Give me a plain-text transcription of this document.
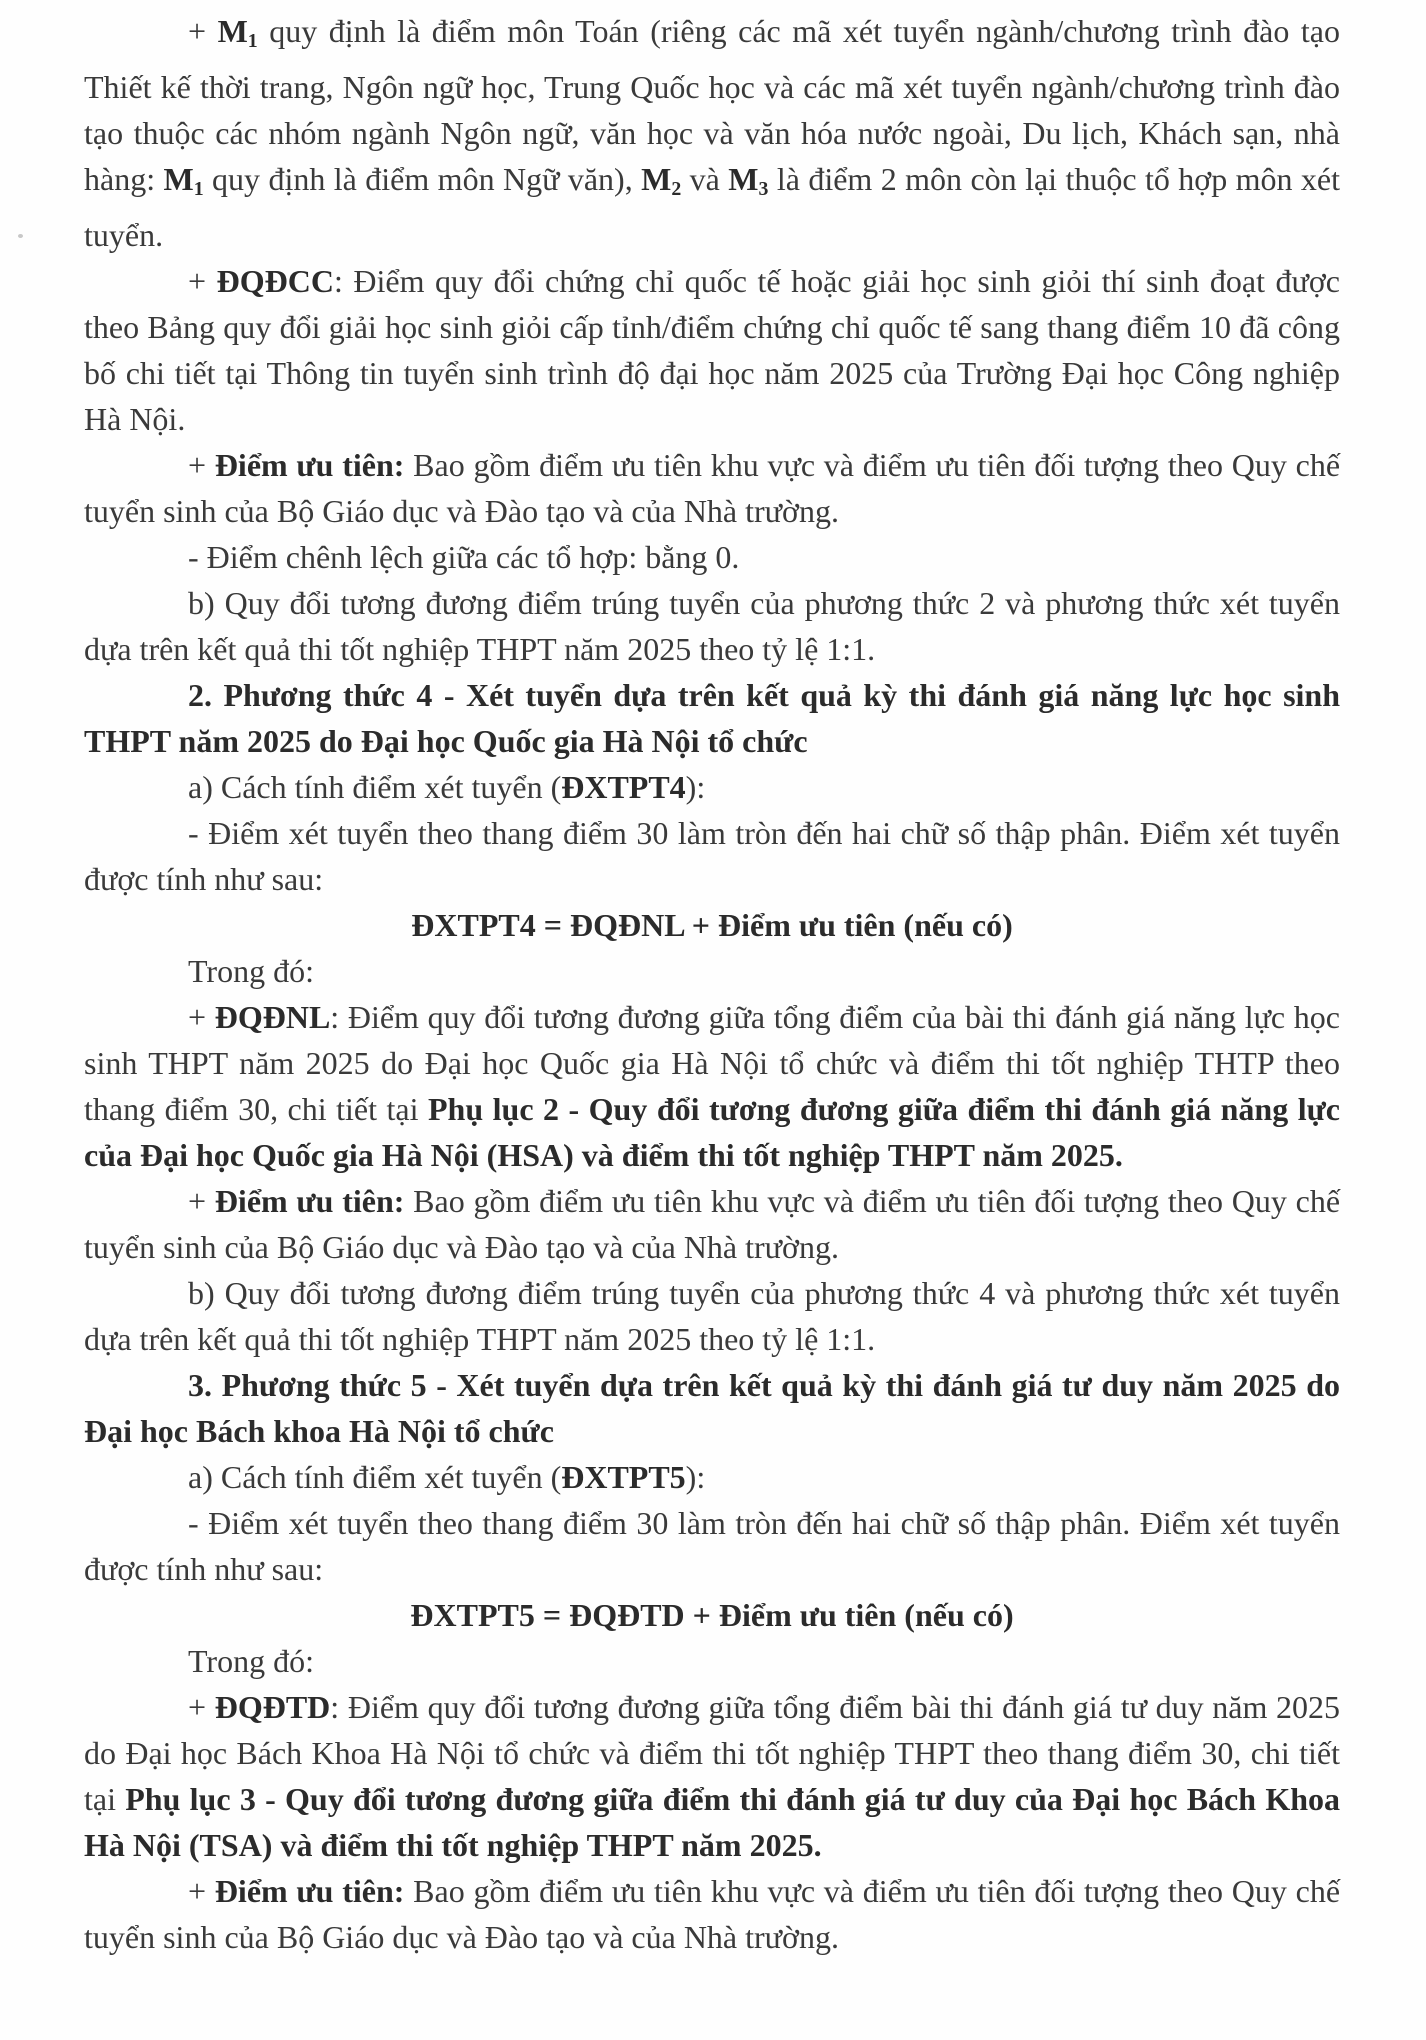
+ $M_1$ quy định là điểm môn Toán (riêng các mã xét tuyển ngành/chương trình đào tạo Thiết kế thời trang, Ngôn ngữ học, Trung Quốc học và các mã xét tuyển ngành/chương trình đào tạo thuộc các nhóm ngành Ngôn ngữ, văn học và văn hóa nước ngoài, Du lịch, Khách sạn, nhà hàng: $M_1$ quy định là điểm môn Ngữ văn), $M_2$ và $M_3$ là điểm 2 môn còn lại thuộc tổ hợp môn xét tuyển.

+ ĐQĐCC: Điểm quy đổi chứng chỉ quốc tế hoặc giải học sinh giỏi thí sinh đoạt được theo Bảng quy đổi giải học sinh giỏi cấp tỉnh/điểm chứng chỉ quốc tế sang thang điểm 10 đã công bố chi tiết tại Thông tin tuyển sinh trình độ đại học năm 2025 của Trường Đại học Công nghiệp Hà Nội.

+ Điểm ưu tiên: Bao gồm điểm ưu tiên khu vực và điểm ưu tiên đối tượng theo Quy chế tuyển sinh của Bộ Giáo dục và Đào tạo và của Nhà trường.

- Điểm chênh lệch giữa các tổ hợp: bằng 0.

b) Quy đổi tương đương điểm trúng tuyển của phương thức 2 và phương thức xét tuyển dựa trên kết quả thi tốt nghiệp THPT năm 2025 theo tỷ lệ 1:1.

2. Phương thức 4 - Xét tuyển dựa trên kết quả kỳ thi đánh giá năng lực học sinh THPT năm 2025 do Đại học Quốc gia Hà Nội tổ chức

a) Cách tính điểm xét tuyển (ĐXTPT4):

- Điểm xét tuyển theo thang điểm 30 làm tròn đến hai chữ số thập phân. Điểm xét tuyển được tính như sau:

ĐXTPT4 = ĐQĐNL + Điểm ưu tiên (nếu có)

Trong đó:

+ ĐQĐNL: Điểm quy đổi tương đương giữa tổng điểm của bài thi đánh giá năng lực học sinh THPT năm 2025 do Đại học Quốc gia Hà Nội tổ chức và điểm thi tốt nghiệp THTP theo thang điểm 30, chi tiết tại Phụ lục 2 - Quy đổi tương đương giữa điểm thi đánh giá năng lực của Đại học Quốc gia Hà Nội (HSA) và điểm thi tốt nghiệp THPT năm 2025.

+ Điểm ưu tiên: Bao gồm điểm ưu tiên khu vực và điểm ưu tiên đối tượng theo Quy chế tuyển sinh của Bộ Giáo dục và Đào tạo và của Nhà trường.

b) Quy đổi tương đương điểm trúng tuyển của phương thức 4 và phương thức xét tuyển dựa trên kết quả thi tốt nghiệp THPT năm 2025 theo tỷ lệ 1:1.

3. Phương thức 5 - Xét tuyển dựa trên kết quả kỳ thi đánh giá tư duy năm 2025 do Đại học Bách khoa Hà Nội tổ chức

a) Cách tính điểm xét tuyển (ĐXTPT5):

- Điểm xét tuyển theo thang điểm 30 làm tròn đến hai chữ số thập phân. Điểm xét tuyển được tính như sau:

ĐXTPT5 = ĐQĐTD + Điểm ưu tiên (nếu có)

Trong đó:

+ ĐQĐTD: Điểm quy đổi tương đương giữa tổng điểm bài thi đánh giá tư duy năm 2025 do Đại học Bách Khoa Hà Nội tổ chức và điểm thi tốt nghiệp THPT theo thang điểm 30, chi tiết tại Phụ lục 3 - Quy đổi tương đương giữa điểm thi đánh giá tư duy của Đại học Bách Khoa Hà Nội (TSA) và điểm thi tốt nghiệp THPT năm 2025.

+ Điểm ưu tiên: Bao gồm điểm ưu tiên khu vực và điểm ưu tiên đối tượng theo Quy chế tuyển sinh của Bộ Giáo dục và Đào tạo và của Nhà trường.
